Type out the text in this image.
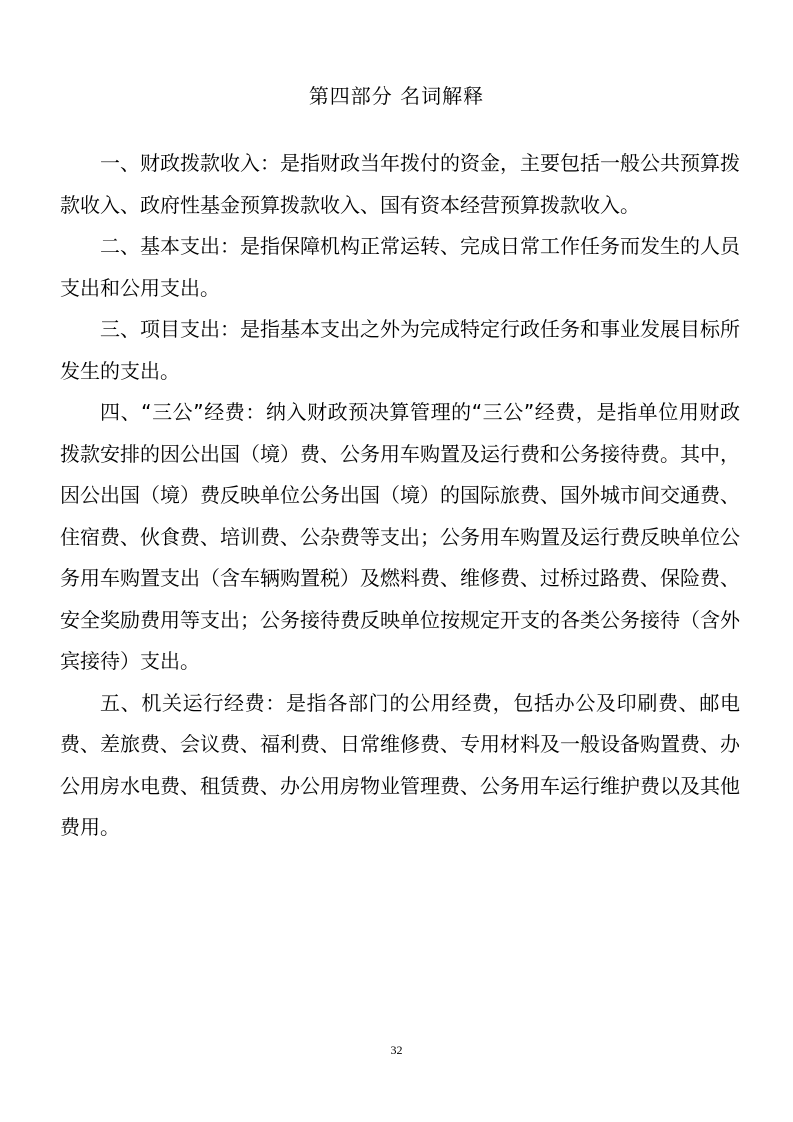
第四部分 名词解释

一、财政拨款收入：是指财政当年拨付的资金，主要包括一般公共预算拨款收入、政府性基金预算拨款收入、国有资本经营预算拨款收入。

二、基本支出：是指保障机构正常运转、完成日常工作任务而发生的人员支出和公用支出。

三、项目支出：是指基本支出之外为完成特定行政任务和事业发展目标所发生的支出。

四、“三公”经费：纳入财政预决算管理的“三公”经费，是指单位用财政拨款安排的因公出国（境）费、公务用车购置及运行费和公务接待费。其中，因公出国（境）费反映单位公务出国（境）的国际旅费、国外城市间交通费、住宿费、伙食费、培训费、公杂费等支出；公务用车购置及运行费反映单位公务用车购置支出（含车辆购置税）及燃料费、维修费、过桥过路费、保险费、安全奖励费用等支出；公务接待费反映单位按规定开支的各类公务接待（含外宾接待）支出。

五、机关运行经费：是指各部门的公用经费，包括办公及印刷费、邮电费、差旅费、会议费、福利费、日常维修费、专用材料及一般设备购置费、办公用房水电费、租赁费、办公用房物业管理费、公务用车运行维护费以及其他费用。

32
